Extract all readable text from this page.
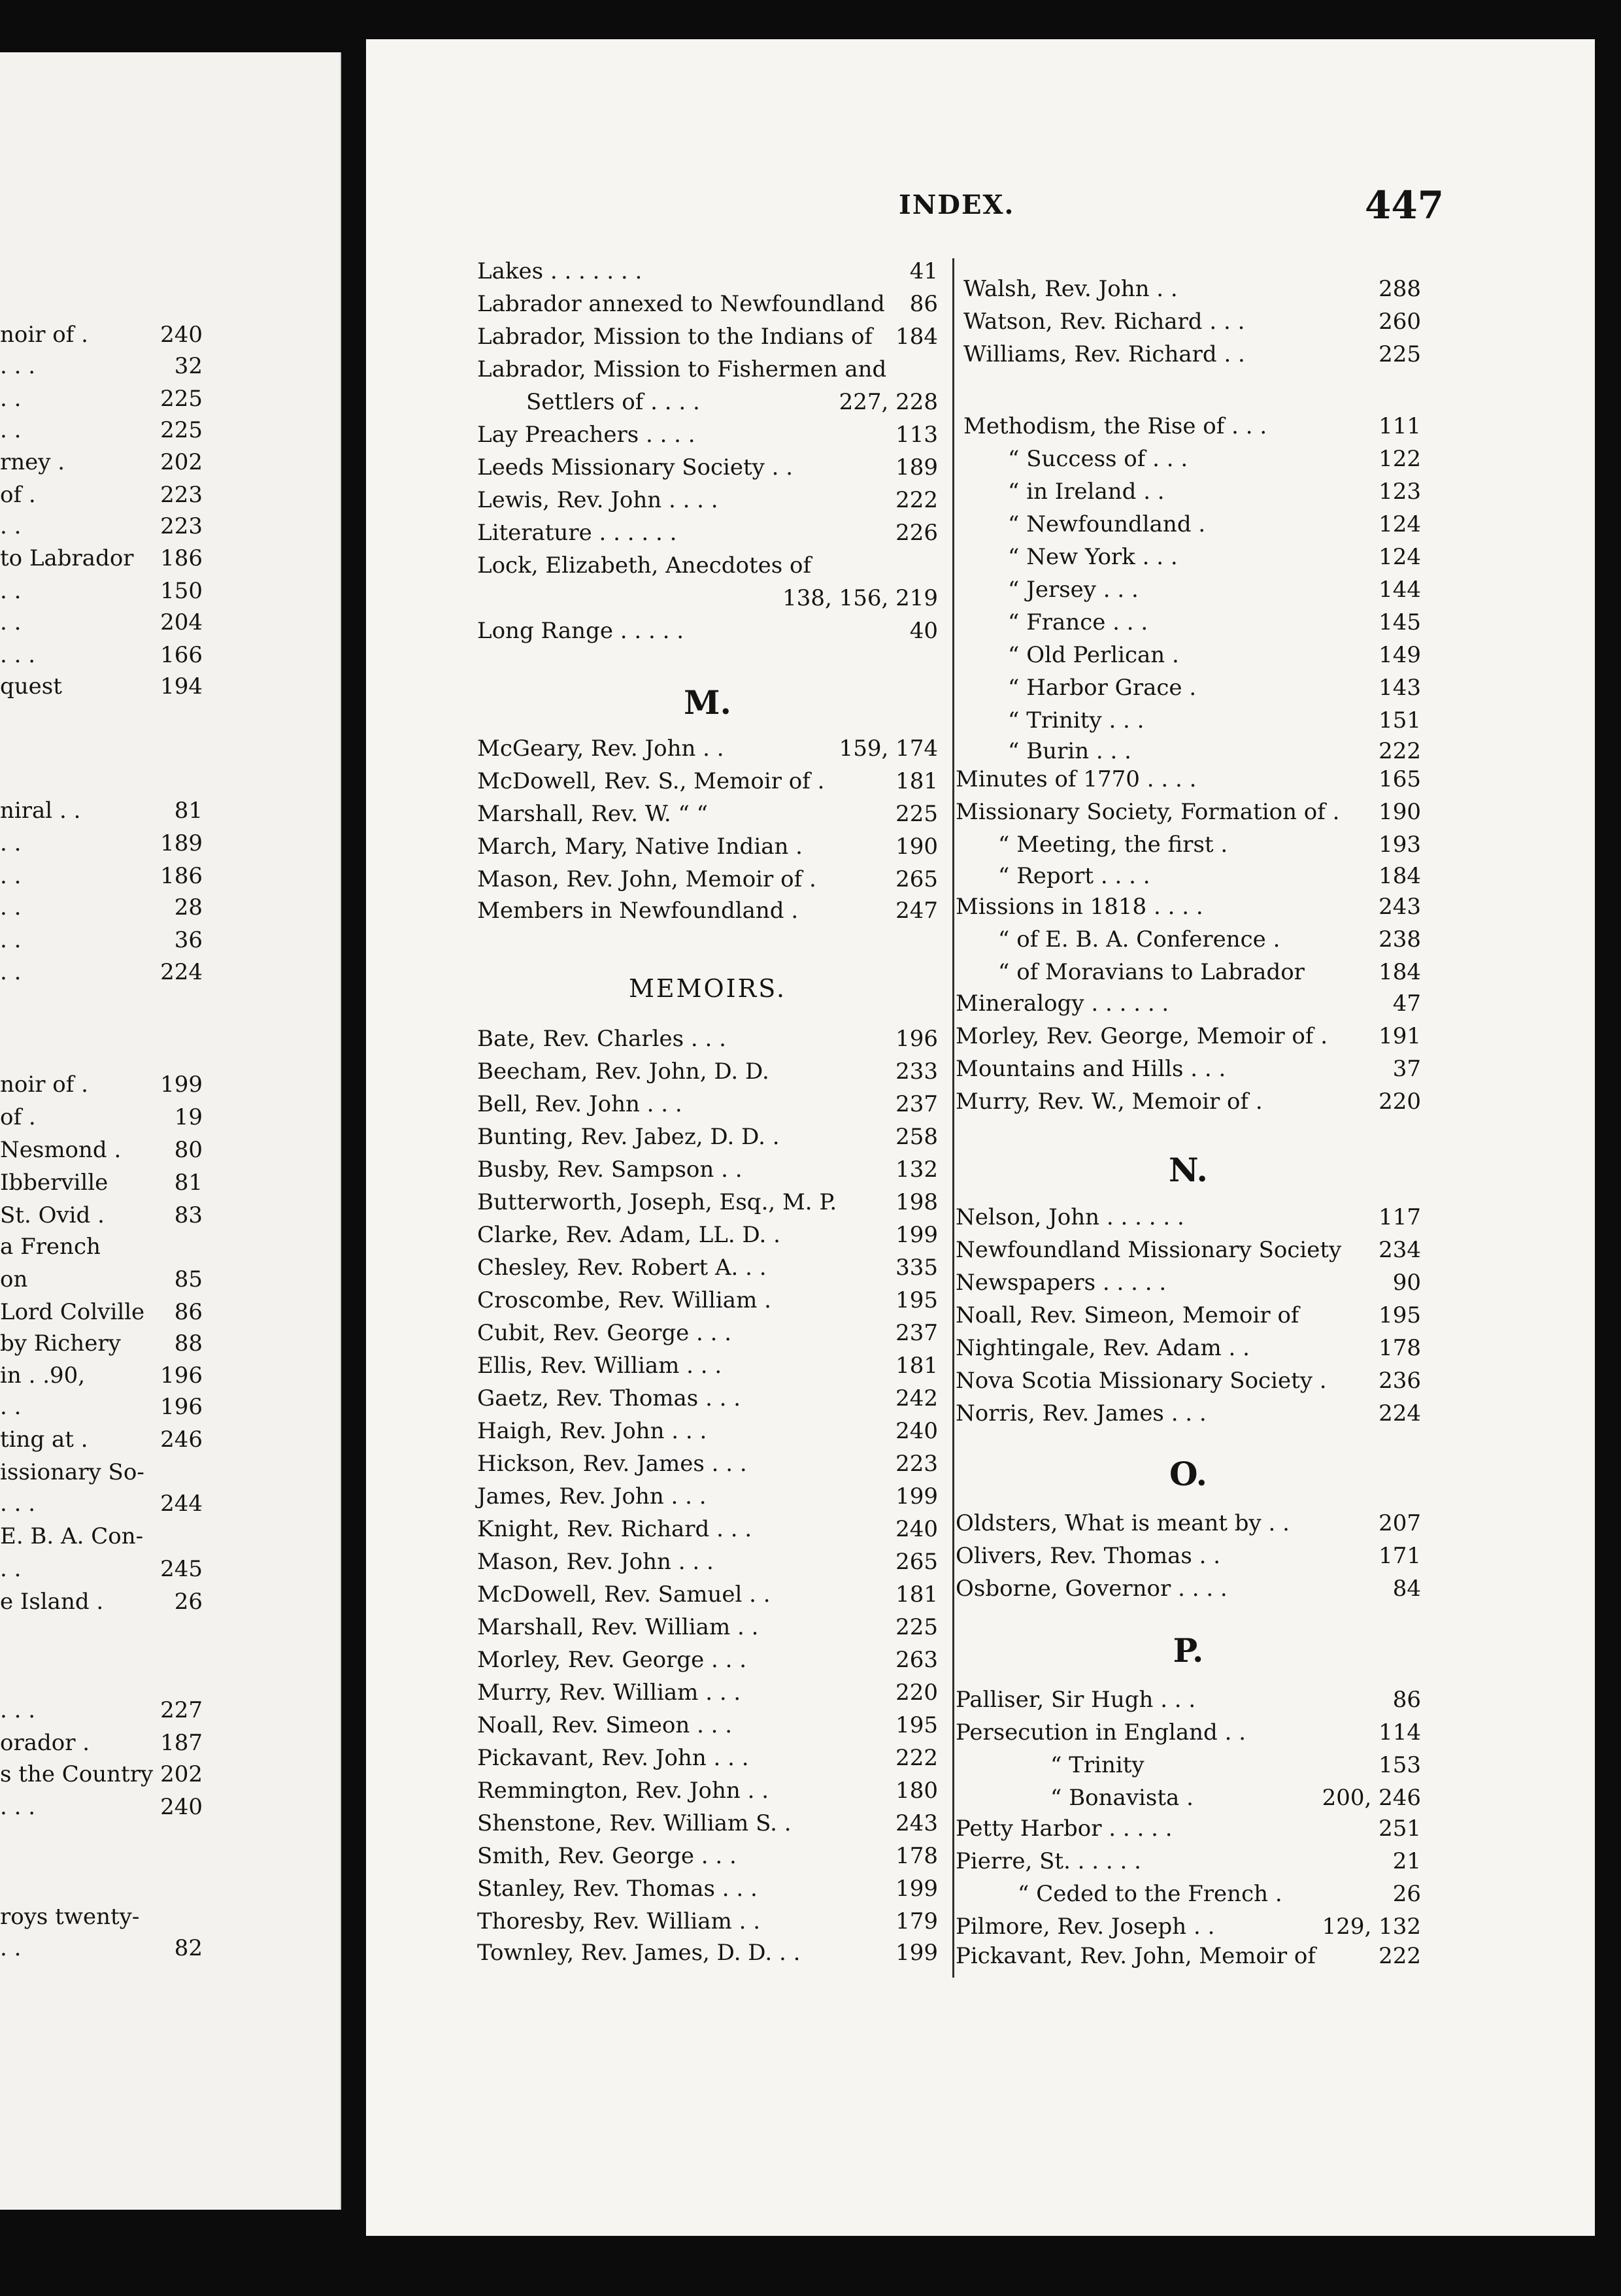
noir of .	240
. . .	32
. .	225
. .	225
rney .	202
of .	223
. .	223
to Labrador 186
. .	150
. .	204
. . .	166
quest	194
niral . .	81
. .	189
. .	186
. .	28
. .	36
. .	224
noir of .	199
of .	19
Nesmond . 80
Ibberville	81
St. Ovid .	83
a French
on	85
Lord Colville 86
by Richery 88
in . .90,	196
. .	196
ting at .	246
issionary So-
. . .	244
E. B. A. Con-
. .	245
e Island .	26
. . .	227
orador .	187
s the Country 202
. . .	240
roys twenty-
. .	82
INDEX.	447
Lakes . . . . . . .	41
Labrador annexed to Newfoundland 86
Labrador, Mission to the Indians of 184
Labrador, Mission to Fishermen and
Settlers of . . . .	227, 228
Lay Preachers . . . .	113
Leeds Missionary Society . .	189
Lewis, Rev. John . . . .	222
Literature . . . . . .	226
Lock, Elizabeth, Anecdotes of
138, 156, 219
Long Range . . . . .	40
M.
McGeary, Rev. John . .	159, 174
McDowell, Rev. S., Memoir of .	181
Marshall, Rev. W. “ “	225
March, Mary, Native Indian .	190
Mason, Rev. John, Memoir of .	265
Members in Newfoundland .	247
MEMOIRS.
Bate, Rev. Charles . . .	196
Beecham, Rev. John, D. D.	233
Bell, Rev. John . . .	237
Bunting, Rev. Jabez, D. D. .	258
Busby, Rev. Sampson . .	132
Butterworth, Joseph, Esq., M. P.	198
Clarke, Rev. Adam, LL. D. .	199
Chesley, Rev. Robert A. . .	335
Croscombe, Rev. William .	195
Cubit, Rev. George . . .	237
Ellis, Rev. William . . .	181
Gaetz, Rev. Thomas . . .	242
Haigh, Rev. John . . .	240
Hickson, Rev. James . . .	223
James, Rev. John . . .	199
Knight, Rev. Richard . . .	240
Mason, Rev. John . . .	265
McDowell, Rev. Samuel . .	181
Marshall, Rev. William . .	225
Morley, Rev. George . . .	263
Murry, Rev. William . . .	220
Noall, Rev. Simeon . . .	195
Pickavant, Rev. John . . .	222
Remmington, Rev. John . .	180
Shenstone, Rev. William S. .	243
Smith, Rev. George . . .	178
Stanley, Rev. Thomas . . .	199
Thoresby, Rev. William . .	179
Townley, Rev. James, D. D. . .	199
Walsh, Rev. John . .	288
Watson, Rev. Richard . . .	260
Williams, Rev. Richard . .	225
Methodism, the Rise of . . .	111
“ Success of . . .	122
“ in Ireland . .	123
“ Newfoundland .	124
“ New York . . .	124
“ Jersey . . .	144
“ France . . .	145
“ Old Perlican .	149
“ Harbor Grace .	143
“ Trinity . . .	151
“ Burin . . .	222
Minutes of 1770 . . . .	165
Missionary Society, Formation of . 190
“ Meeting, the first .	193
“ Report . . . .	184
Missions in 1818 . . . .	243
“ of E. B. A. Conference .	238
“ of Moravians to Labrador	184
Mineralogy . . . . . .	47
Morley, Rev. George, Memoir of . 191
Mountains and Hills . . .	37
Murry, Rev. W., Memoir of .	220
N.
Nelson, John . . . . . .	117
Newfoundland Missionary Society 234
Newspapers . . . . .	90
Noall, Rev. Simeon, Memoir of	195
Nightingale, Rev. Adam . .	178
Nova Scotia Missionary Society . 236
Norris, Rev. James . . .	224
O.
Oldsters, What is meant by . .	207
Olivers, Rev. Thomas . .	171
Osborne, Governor . . . .	84
P.
Palliser, Sir Hugh . . .	86
Persecution in England . .	114
“ Trinity	153
“ Bonavista .	200, 246
Petty Harbor . . . . .	251
Pierre, St. . . . . .	21
“ Ceded to the French .	26
Pilmore, Rev. Joseph . .	129, 132
Pickavant, Rev. John, Memoir of	222
